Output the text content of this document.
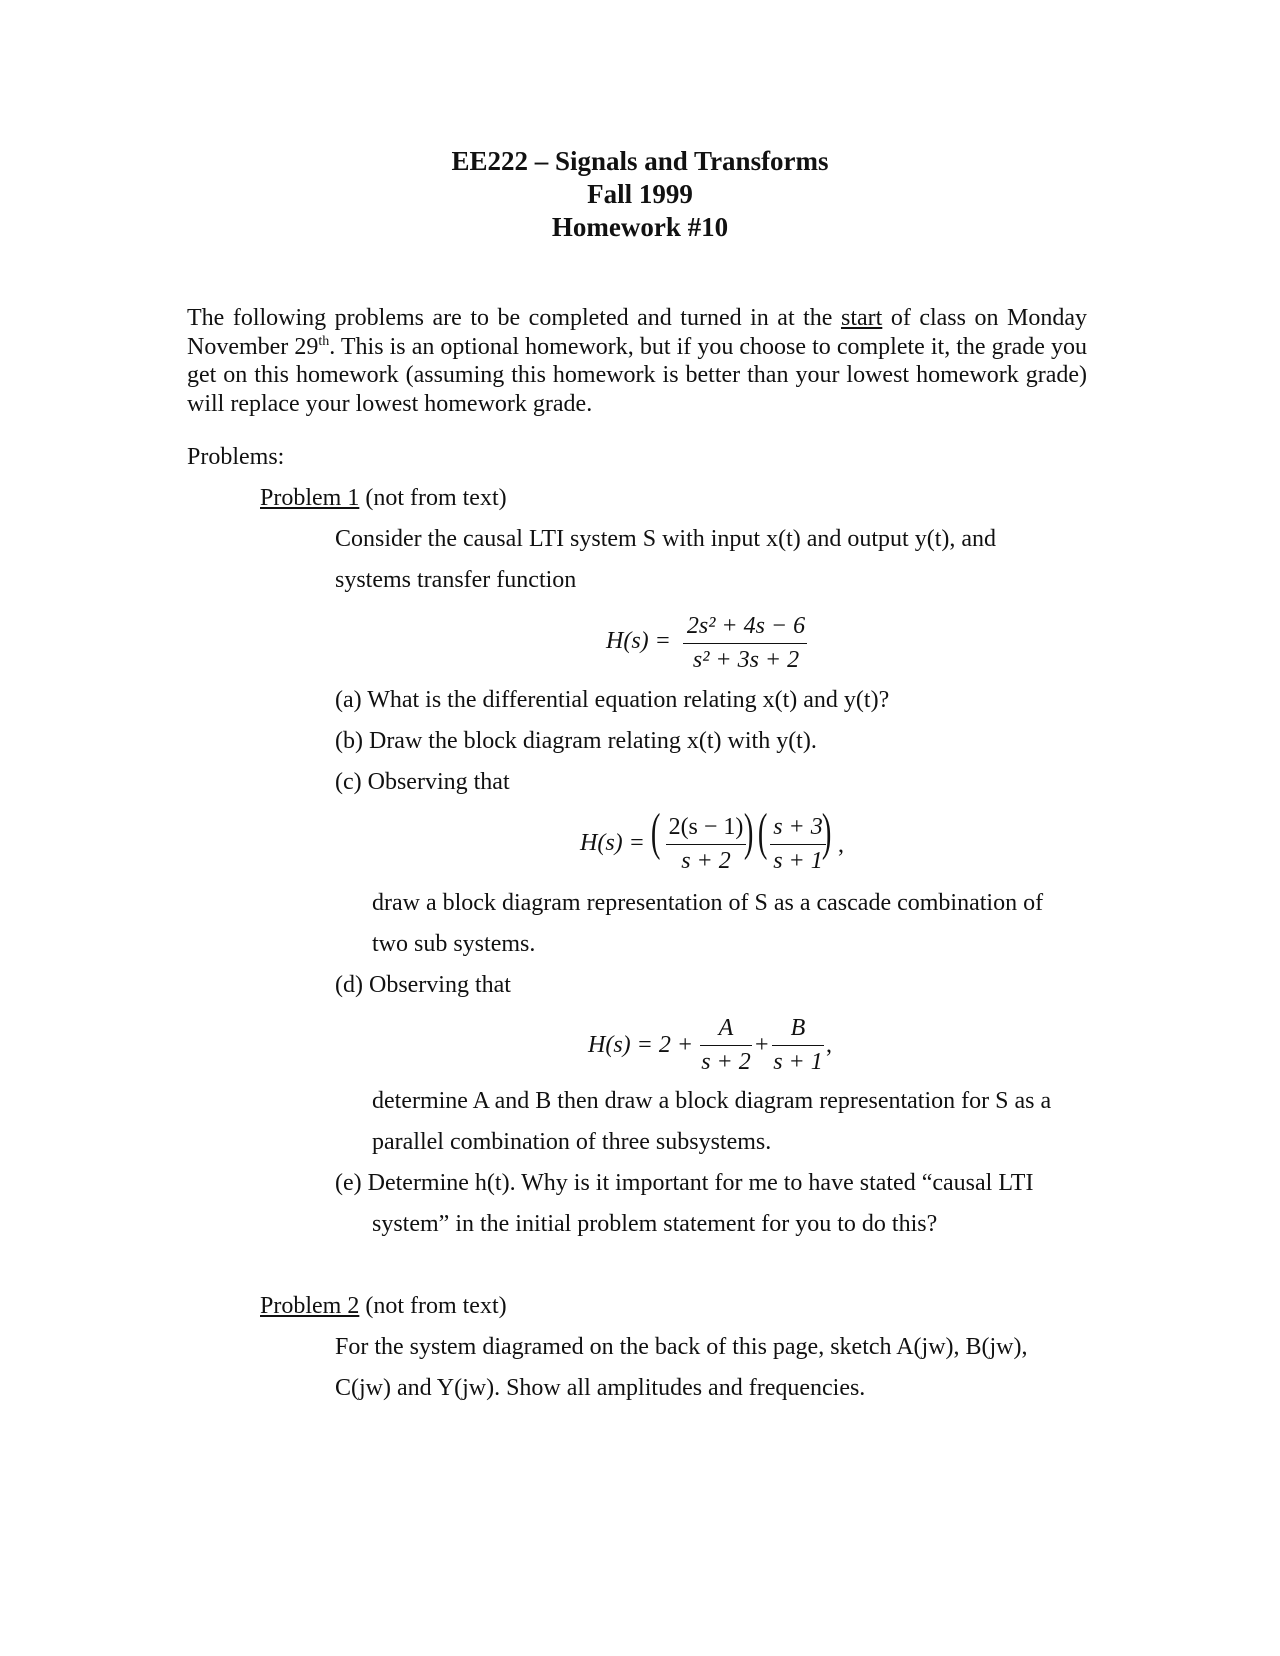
EE222 – Signals and Transforms
Fall 1999
Homework #10
The following problems are to be completed and turned in at the start of class on Monday November 29th. This is an optional homework, but if you choose to complete it, the grade you get on this homework (assuming this homework is better than your lowest homework grade) will replace your lowest homework grade.
Problems:
Problem 1 (not from text)
Consider the causal LTI system S with input x(t) and output y(t), and
systems transfer function
H(s) =
2s² + 4s − 6
s² + 3s + 2
(a) What is the differential equation relating x(t) and y(t)?
(b) Draw the block diagram relating x(t) with y(t).
(c) Observing that
H(s) = ( 2(s − 1)
s + 2 ) ( s + 3
s + 1 ) ,
draw a block diagram representation of S as a cascade combination of
two sub systems.
(d) Observing that
H(s) = 2 +
A
s + 2
+
B
s + 1
,
determine A and B then draw a block diagram representation for S as a
parallel combination of three subsystems.
(e) Determine h(t). Why is it important for me to have stated “causal LTI
system” in the initial problem statement for you to do this?
Problem 2 (not from text)
For the system diagramed on the back of this page, sketch A(jw), B(jw),
C(jw) and Y(jw). Show all amplitudes and frequencies.
